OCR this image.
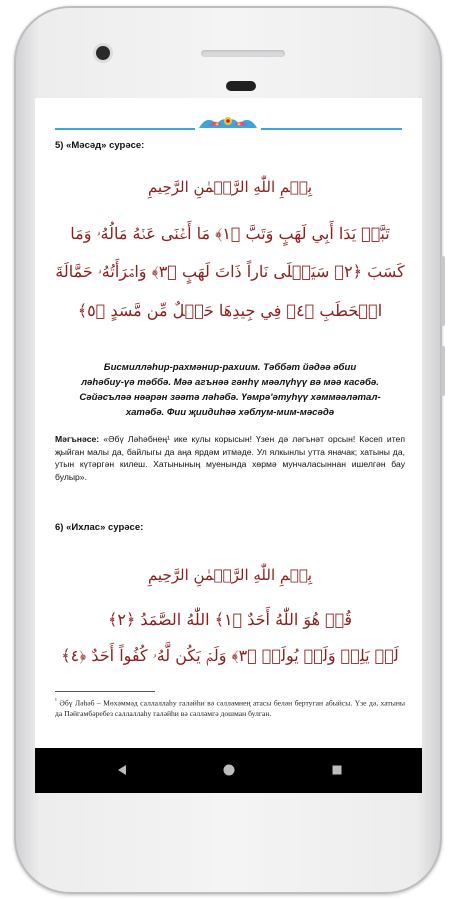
5) «Мәсәд» сурәсе:
بِسۡمِ اللّٰهِ الرَّحۡمٰنِ الرَّحِيمِ
تَبَّتۡ يَدَا أَبِي لَهَبٍ وَتَبَّ ﴿١﴾ مَا أَغۡنَى عَنۡهُ مَالُهُۥ وَمَا
كَسَبَ ﴿٢﴾ سَيَصۡلَى نَاراً ذَاتَ لَهَبٍ ﴿٣﴾ وَامۡرَأَتُهُۥ حَمَّالَةَ
الۡحَطَبِ ﴿٤﴾ فِي جِيدِهَا حَبۡلٌ مِّن مَّسَدٍ ﴿٥﴾
Бисмилләһир-рахмәнир-рахиим. Тәббәт йәдәә әбии
ләһәбиу-үә тәббә. Мәә агънәә гәнһү мәәлүһүү вә мәә касәбә.
Сәйәсъләә нәәрән зәәтә ләһәбә. Үәмрә'әтуһүү хәммәәләтал-
хатәбә. Фии җиидиһәә хәблум-мим-мәсәдә
Мәгънәсе: «Әбү Ләһәбнең¹ ике кулы корысын! Үзен дә ләгънәт орсын! Кәсеп итеп җыйган малы да, байлыгы да аңа ярдәм итмәде. Ул ялкынлы утта яначак; хатыны да, утын күтәргән килеш. Хатынының муенында хөрмә мунчаласыннан ишелгән бау булыр».
6) «Ихлас» сурәсе:
بِسۡمِ اللّٰهِ الرَّحۡمٰنِ الرَّحِيمِ
قُلۡ هُوَ اللّٰهُ أَحَدٌ ﴿١﴾ اللّٰهُ الصَّمَدُ ﴿٢﴾
لَمۡ يَلِدۡ وَلَمۡ يُولَدۡ ﴿٣﴾ وَلَمۡ يَكُن لَّهُۥ كُفُواً أَحَدٌ ﴿٤﴾
$^{^1}$ Әбү Ләһәб – Мөхәммәд саллаллаһу галәйһи вә сәлләмнең атасы белән бертуган абыйсы. Үзе дә, хатыны да Пәйгамбәребез саллаллаһу галәйһи вә сәлләмгә дошман булган.
